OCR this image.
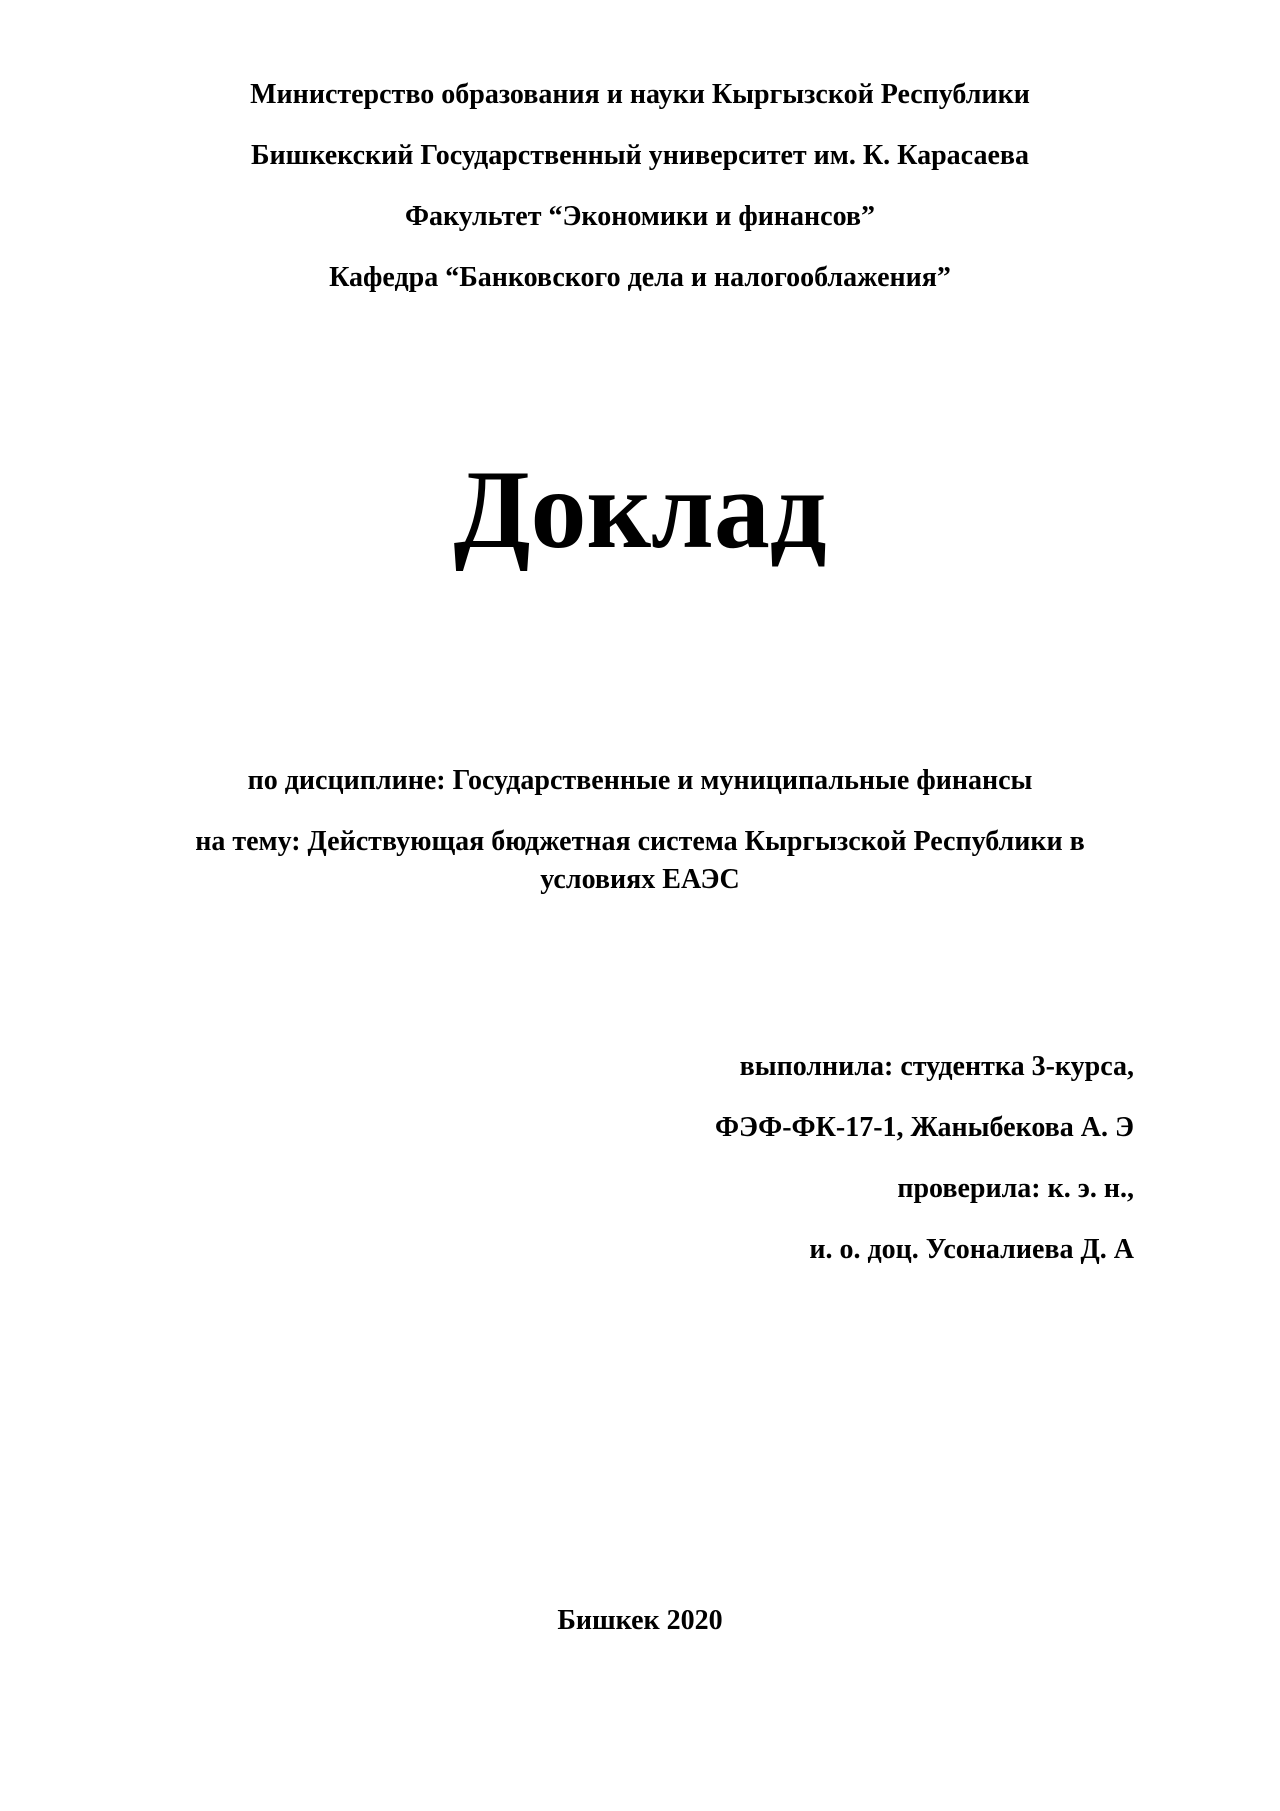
Министерство образования и науки Кыргызской Республики
Бишкекский Государственный университет им. К. Карасаева
Факультет “Экономики и финансов”
Кафедра “Банковского дела и налогооблажения”
Доклад
по дисциплине: Государственные и муниципальные финансы
на тему: Действующая бюджетная система Кыргызской Республики в условиях ЕАЭС
выполнила: студентка 3-курса,
ФЭФ-ФК-17-1, Жаныбекова А. Э
проверила: к. э. н.,
и. о. доц. Усоналиева Д. А
Бишкек 2020
